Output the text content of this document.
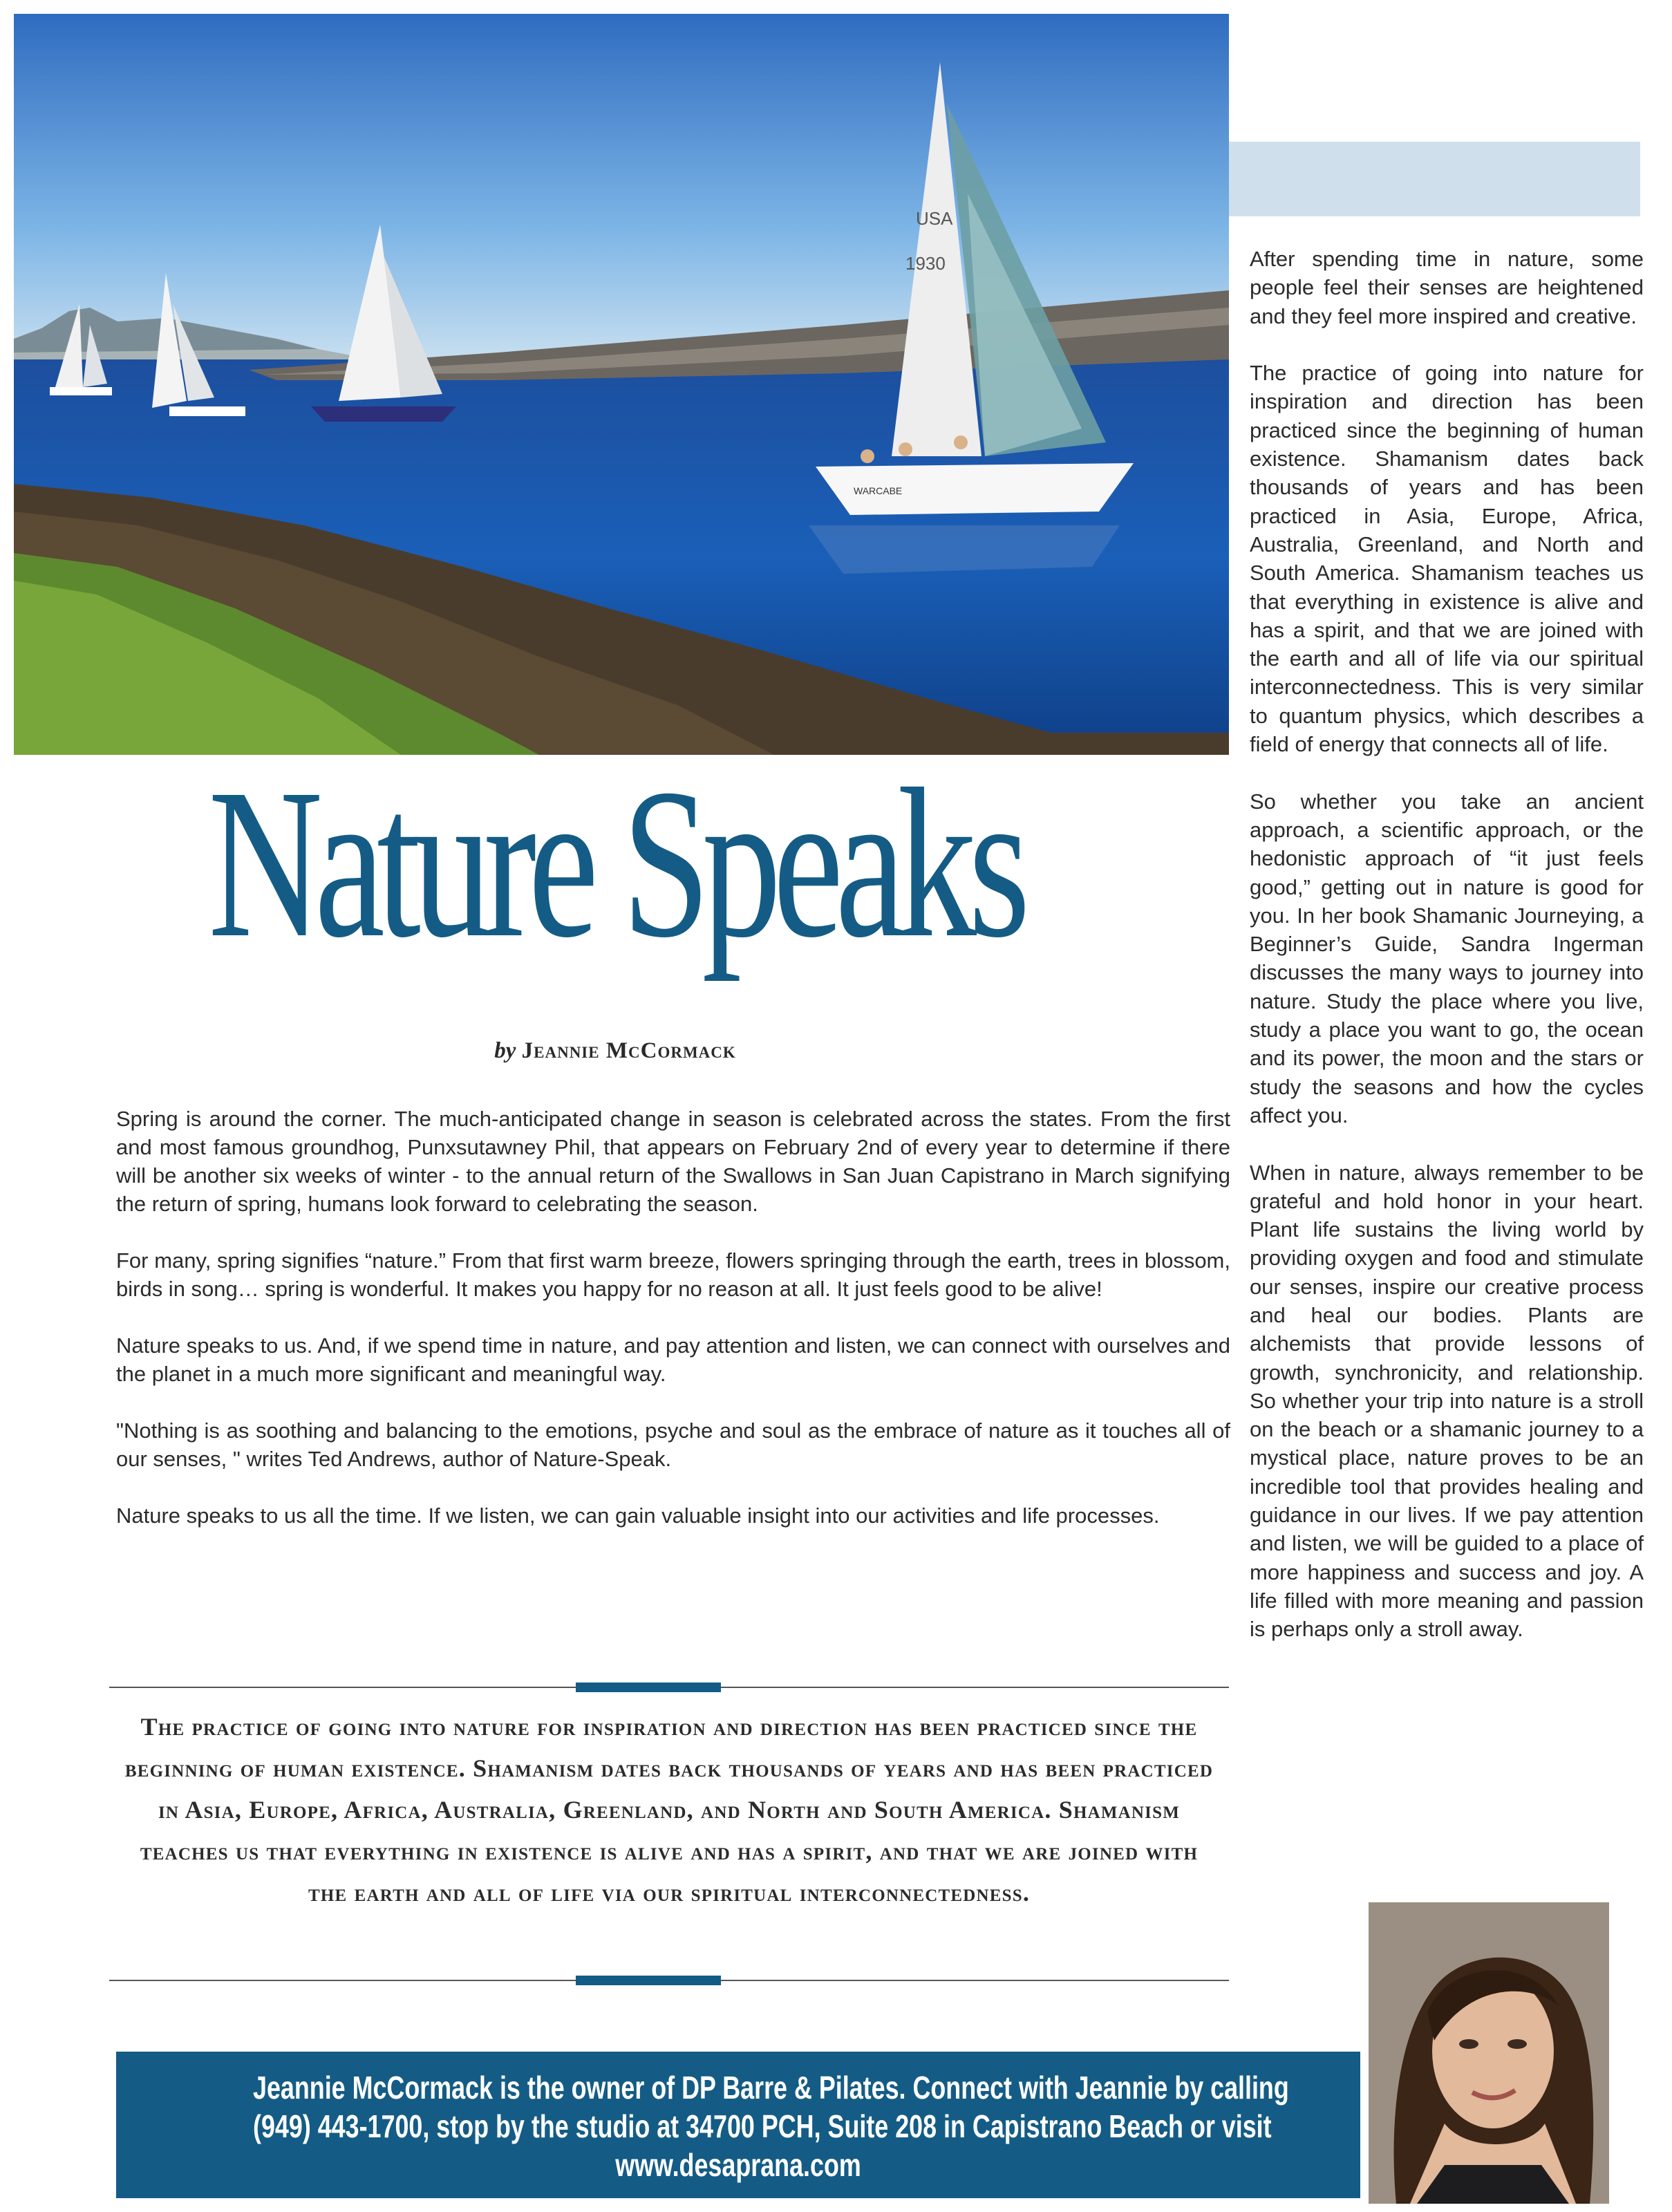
USA
1930
WARCABE
Nature Speaks
by Jeannie McCormack

Spring is around the corner. The much-anticipated change in season is celebrated across the states. From the first and most famous groundhog, Punxsutawney Phil, that appears on February 2nd of every year to determine if there will be another six weeks of winter - to the annual return of the Swallows in San Juan Capistrano in March signifying the return of spring, humans look forward to celebrating the season.

For many, spring signifies “nature.” From that first warm breeze, flowers springing through the earth, trees in blossom, birds in song… spring is wonderful. It makes you happy for no reason at all. It just feels good to be alive!

Nature speaks to us. And, if we spend time in nature, and pay attention and listen, we can connect with ourselves and the planet in a much more significant and meaningful way.

"Nothing is as soothing and balancing to the emotions, psyche and soul as the embrace of nature as it touches all of our senses, " writes Ted Andrews, author of Nature-Speak.

Nature speaks to us all the time. If we listen, we can gain valuable insight into our activities and life processes.

After spending time in nature, some people feel their senses are heightened and they feel more inspired and creative.

The practice of going into nature for inspiration and direction has been practiced since the beginning of human existence. Shamanism dates back thousands of years and has been practiced in Asia, Europe, Africa, Australia, Greenland, and North and South America. Shamanism teaches us that everything in existence is alive and has a spirit, and that we are joined with the earth and all of life via our spiritual interconnectedness. This is very similar to quantum physics, which describes a field of energy that connects all of life.

So whether you take an ancient approach, a scientific approach, or the hedonistic approach of “it just feels good,” getting out in nature is good for you. In her book Shamanic Journeying, a Beginner’s Guide, Sandra Ingerman discusses the many ways to journey into nature. Study the place where you live, study a place you want to go, the ocean and its power, the moon and the stars or study the seasons and how the cycles affect you.

When in nature, always remember to be grateful and hold honor in your heart. Plant life sustains the living world by providing oxygen and food and stimulate our senses, inspire our creative process and heal our bodies. Plants are alchemists that provide lessons of growth, synchronicity, and relationship. So whether your trip into nature is a stroll on the beach or a shamanic journey to a mystical place, nature proves to be an incredible tool that provides healing and guidance in our lives. If we pay attention and listen, we will be guided to a place of more happiness and success and joy. A life filled with more meaning and passion is perhaps only a stroll away.

The practice of going into nature for inspiration and direction has been practiced since the beginning of human existence. Shamanism dates back thousands of years and has been practiced in Asia, Europe, Africa, Australia, Greenland, and North and South America. Shamanism teaches us that everything in existence is alive and has a spirit, and that we are joined with the earth and all of life via our spiritual interconnectedness.
Jeannie McCormack is the owner of DP Barre & Pilates. Connect with Jeannie by calling
(949) 443-1700, stop by the studio at 34700 PCH, Suite 208 in Capistrano Beach or visit
www.desaprana.com
